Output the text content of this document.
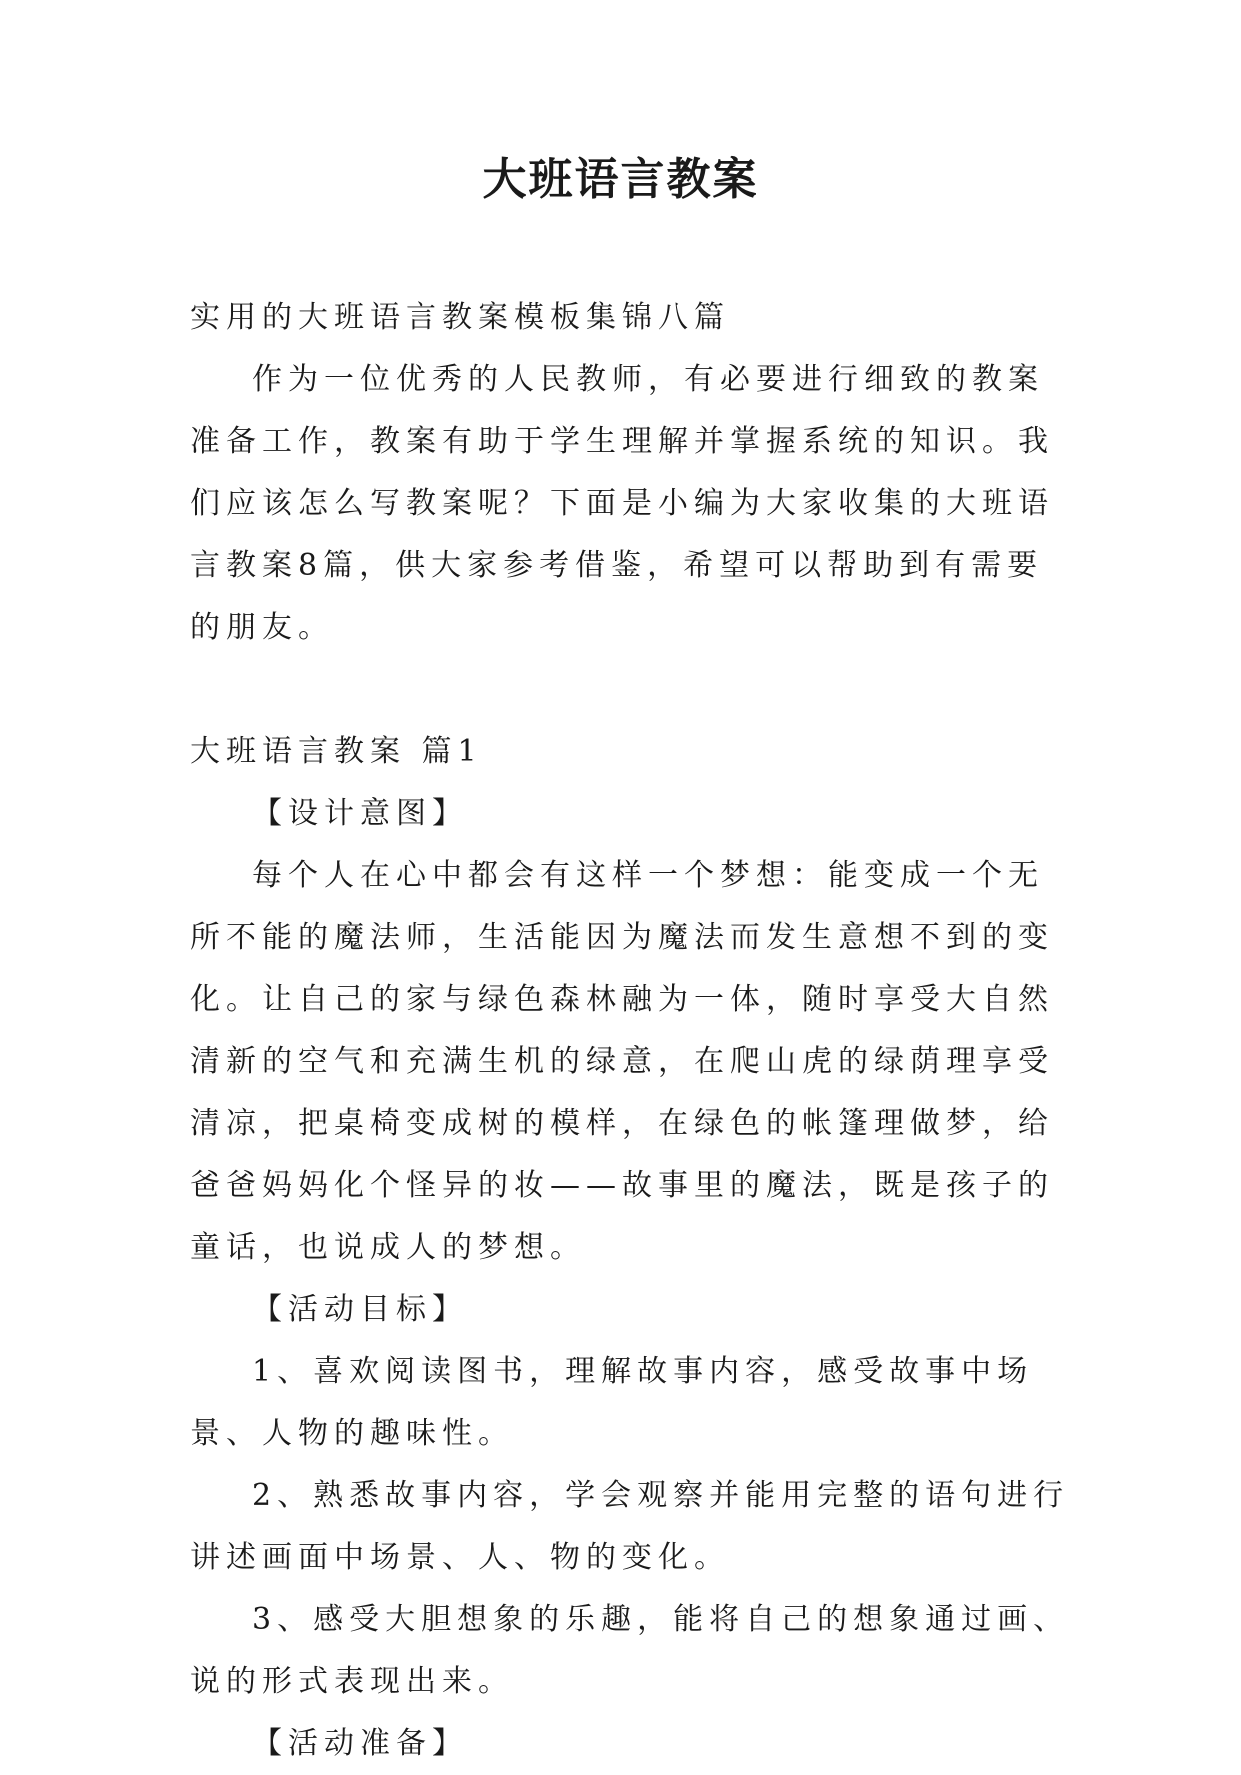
大班语言教案

实用的大班语言教案模板集锦八篇

作为一位优秀的人民教师，有必要进行细致的教案准备工作，教案有助于学生理解并掌握系统的知识。我们应该怎么写教案呢？下面是小编为大家收集的大班语言教案8篇，供大家参考借鉴，希望可以帮助到有需要的朋友。

大班语言教案 篇1

【设计意图】

每个人在心中都会有这样一个梦想：能变成一个无所不能的魔法师，生活能因为魔法而发生意想不到的变化。让自己的家与绿色森林融为一体，随时享受大自然清新的空气和充满生机的绿意，在爬山虎的绿荫理享受清凉，把桌椅变成树的模样，在绿色的帐篷理做梦，给爸爸妈妈化个怪异的妆——故事里的魔法，既是孩子的童话，也说成人的梦想。

【活动目标】

1、喜欢阅读图书，理解故事内容，感受故事中场景、人物的趣味性。

2、熟悉故事内容，学会观察并能用完整的语句进行讲述画面中场景、人、物的变化。

3、感受大胆想象的乐趣，能将自己的想象通过画、说的形式表现出来。

【活动准备】
